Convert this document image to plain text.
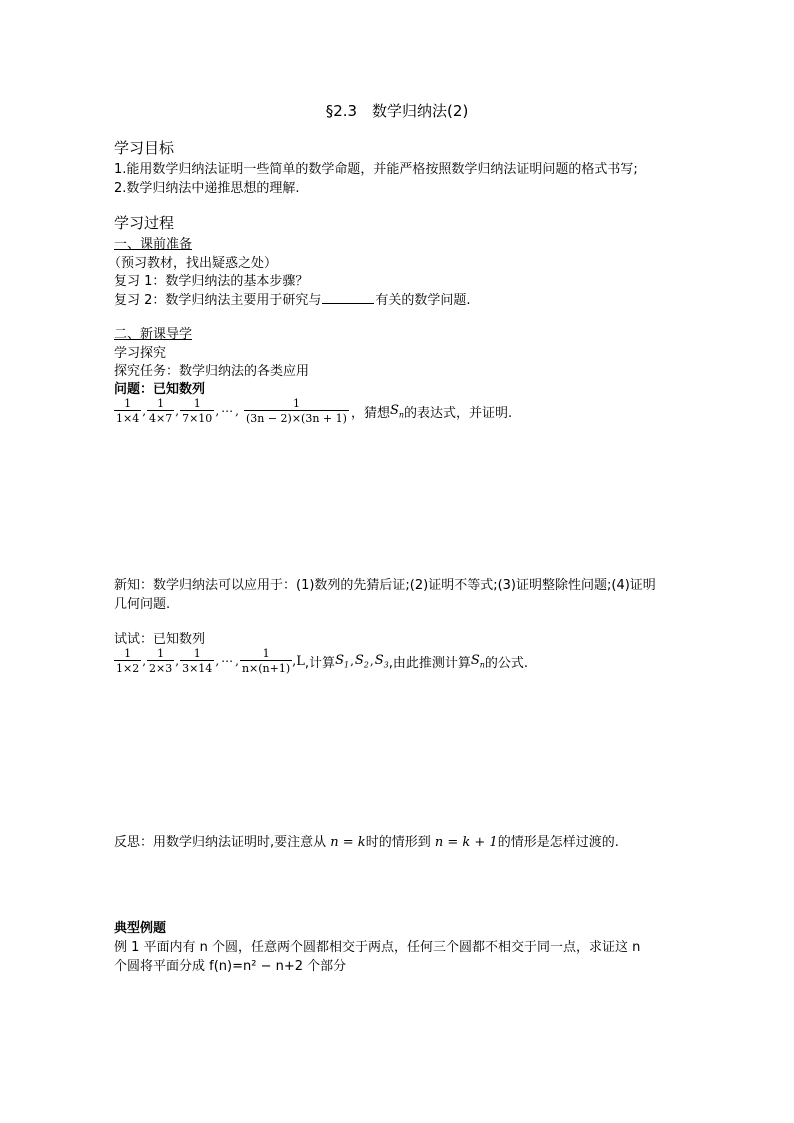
§2.3　数学归纳法(2)
学习目标
1.能用数学归纳法证明一些简单的数学命题，并能严格按照数学归纳法证明问题的格式书写;
2.数学归纳法中递推思想的理解.
学习过程
一、课前准备
（预习教材，找出疑惑之处）
复习 1：数学归纳法的基本步骤？
复习 2：数学归纳法主要用于研究与	有关的数学问题.
二、新课导学
学习探究
探究任务：数学归纳法的各类应用
问题：已知数列
$\frac{1}{1\times 4}$ , $\frac{1}{4\times 7}$ , $\frac{1}{7\times 10}$ , ⋯ , $\frac{1}{(3n - 2)\times(3n + 1)}$ ，猜想 $S_n$ 的表达式，并证明.
新知：数学归纳法可以应用于：(1)数列的先猜后证;(2)证明不等式;(3)证明整除性问题;(4)证明
几何问题.
试试：已知数列
$\frac{1}{1\times 2}$ , $\frac{1}{2\times 3}$ , $\frac{1}{3\times 14}$ , ⋯ , $\frac{1}{n\times(n+1)} ,L$ ,计算 $S_1$ , $S_2$ , $S_3$ ,由此推测计算 $S_n$ 的公式.
反思：用数学归纳法证明时,要注意从 n = k时的情形到 n = k + 1的情形是怎样过渡的.
典型例题
例 1 平面内有 n 个圆，任意两个圆都相交于两点，任何三个圆都不相交于同一点，求证这 n
个圆将平面分成 f(n)=n² − n+2 个部分
